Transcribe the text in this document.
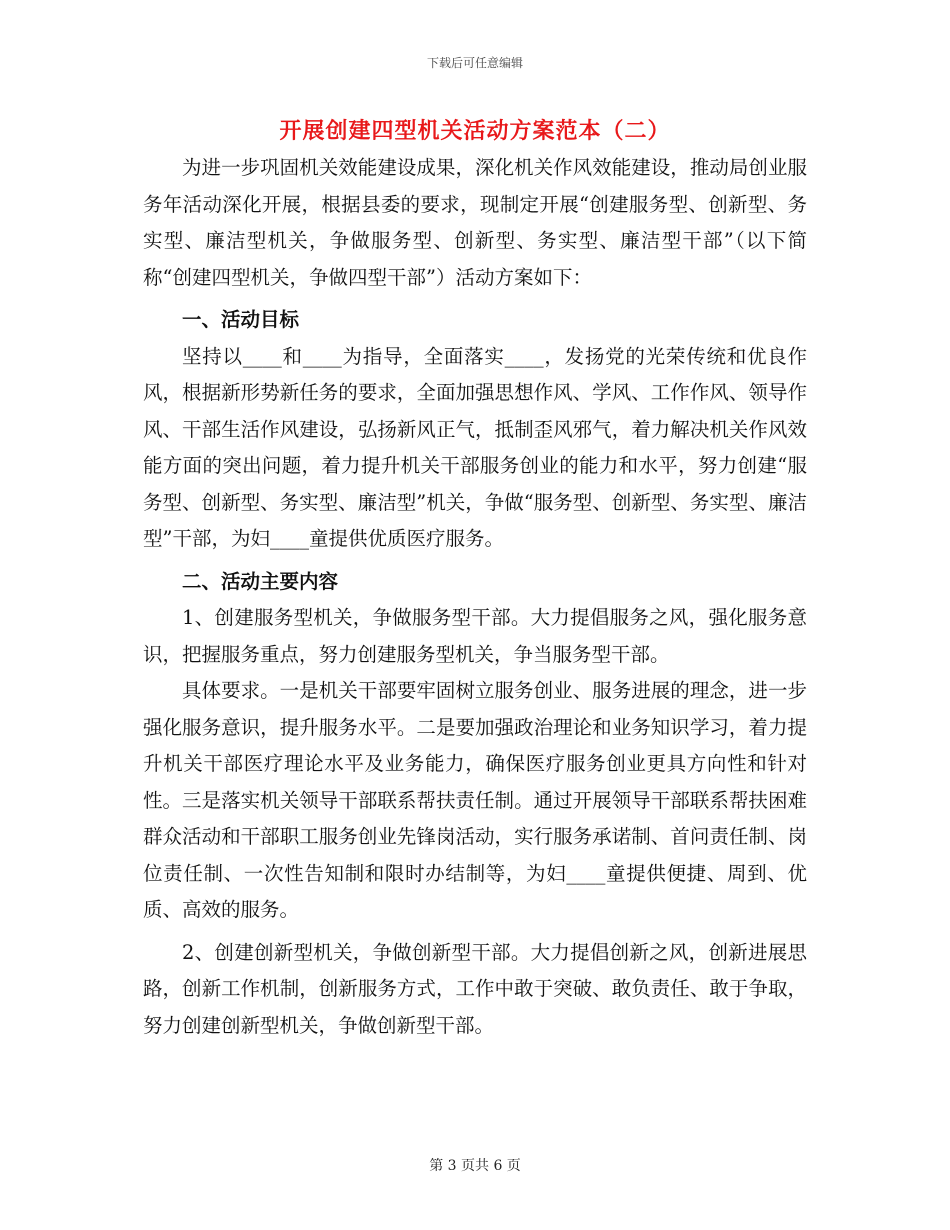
下载后可任意编辑
开展创建四型机关活动方案范本（二）

为进一步巩固机关效能建设成果，深化机关作风效能建设，推动局创业服务年活动深化开展，根据县委的要求，现制定开展“创建服务型、创新型、务实型、廉洁型机关，争做服务型、创新型、务实型、廉洁型干部”（以下简称“创建四型机关，争做四型干部”）活动方案如下：

一、活动目标

坚持以____和____为指导，全面落实____，发扬党的光荣传统和优良作风，根据新形势新任务的要求，全面加强思想作风、学风、工作作风、领导作风、干部生活作风建设，弘扬新风正气，抵制歪风邪气，着力解决机关作风效能方面的突出问题，着力提升机关干部服务创业的能力和水平，努力创建“服务型、创新型、务实型、廉洁型”机关，争做“服务型、创新型、务实型、廉洁型”干部，为妇____童提供优质医疗服务。

二、活动主要内容

1、创建服务型机关，争做服务型干部。大力提倡服务之风，强化服务意识，把握服务重点，努力创建服务型机关，争当服务型干部。

具体要求。一是机关干部要牢固树立服务创业、服务进展的理念，进一步强化服务意识，提升服务水平。二是要加强政治理论和业务知识学习，着力提升机关干部医疗理论水平及业务能力，确保医疗服务创业更具方向性和针对性。三是落实机关领导干部联系帮扶责任制。通过开展领导干部联系帮扶困难群众活动和干部职工服务创业先锋岗活动，实行服务承诺制、首问责任制、岗位责任制、一次性告知制和限时办结制等，为妇____童提供便捷、周到、优质、高效的服务。

2、创建创新型机关，争做创新型干部。大力提倡创新之风，创新进展思路，创新工作机制，创新服务方式，工作中敢于突破、敢负责任、敢于争取，努力创建创新型机关，争做创新型干部。

第 3 页共 6 页
